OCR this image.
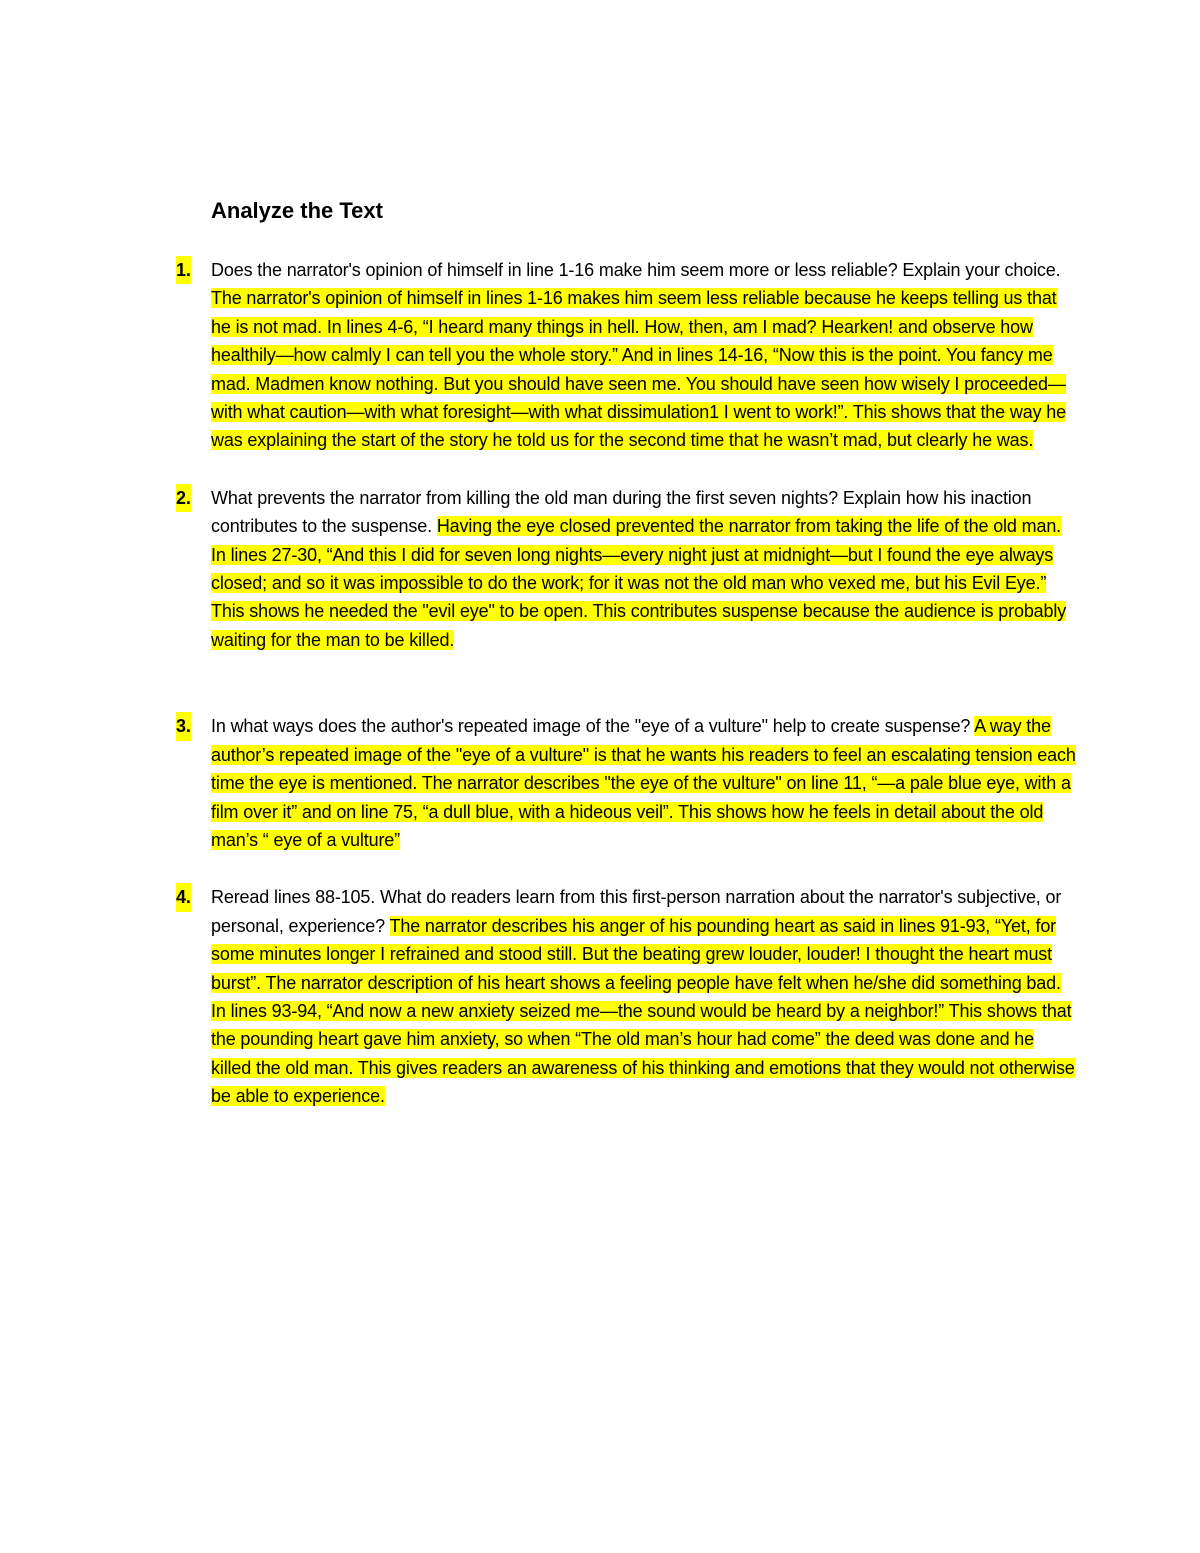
Analyze the Text
1. Does the narrator's opinion of himself in line 1-16 make him seem more or less reliable? Explain your choice. The narrator's opinion of himself in lines 1-16 makes him seem less reliable because he keeps telling us that he is not mad. In lines 4-6, “I heard many things in hell. How, then, am I mad? Hearken! and observe how healthily—how calmly I can tell you the whole story.” And in lines 14-16, “Now this is the point. You fancy me mad. Madmen know nothing. But you should have seen me. You should have seen how wisely I proceeded—with what caution—with what foresight—with what dissimulation1 I went to work!”. This shows that the way he was explaining the start of the story he told us for the second time that he wasn’t mad, but clearly he was.

2. What prevents the narrator from killing the old man during the first seven nights? Explain how his inaction contributes to the suspense. Having the eye closed prevented the narrator from taking the life of the old man. In lines 27-30, “And this I did for seven long nights—every night just at midnight—but I found the eye always closed; and so it was impossible to do the work; for it was not the old man who vexed me, but his Evil Eye.” This shows he needed the "evil eye" to be open. This contributes suspense because the audience is probably waiting for the man to be killed.

3. In what ways does the author's repeated image of the "eye of a vulture" help to create suspense? A way the author’s repeated image of the "eye of a vulture" is that he wants his readers to feel an escalating tension each time the eye is mentioned. The narrator describes "the eye of the vulture" on line 11, “—a pale blue eye, with a film over it” and on line 75, “a dull blue, with a hideous veil”. This shows how he feels in detail about the old man’s “ eye of a vulture”

4. Reread lines 88-105. What do readers learn from this first-person narration about the narrator's subjective, or personal, experience? The narrator describes his anger of his pounding heart as said in lines 91-93, “Yet, for some minutes longer I refrained and stood still. But the beating grew louder, louder! I thought the heart must burst”. The narrator description of his heart shows a feeling people have felt when he/she did something bad. In lines 93-94, “And now a new anxiety seized me—the sound would be heard by a neighbor!” This shows that the pounding heart gave him anxiety, so when “The old man’s hour had come” the deed was done and he killed the old man. This gives readers an awareness of his thinking and emotions that they would not otherwise be able to experience.
